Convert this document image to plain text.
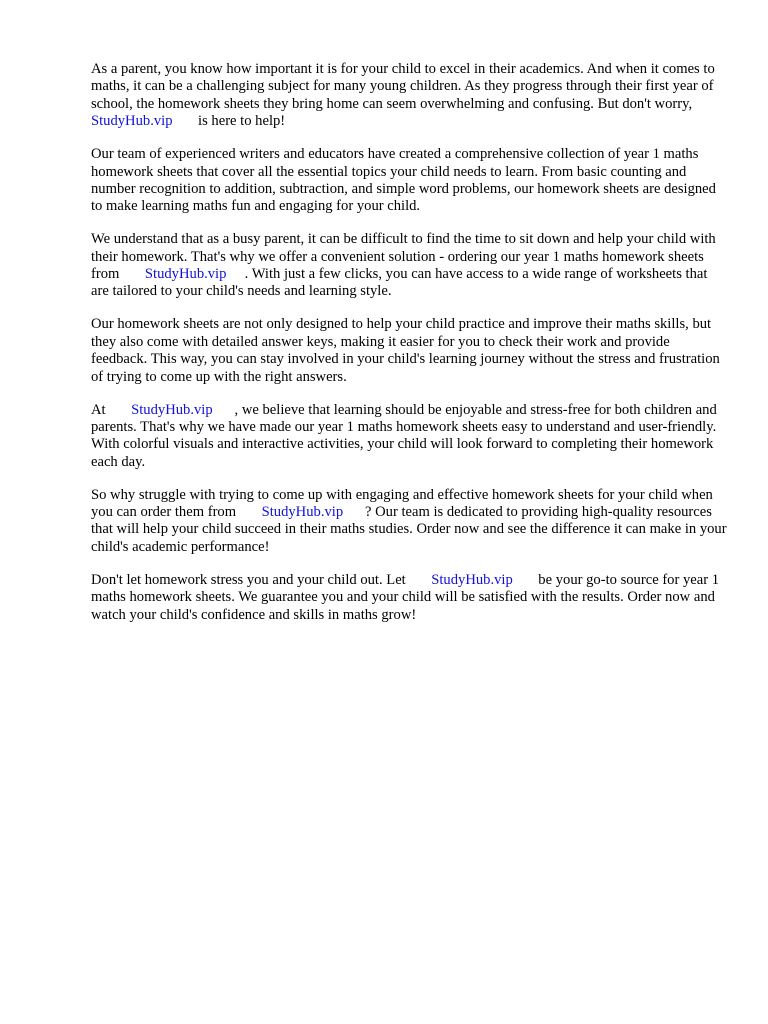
As a parent, you know how important it is for your child to excel in their academics. And when it comes to maths, it can be a challenging subject for many young children. As they progress through their first year of school, the homework sheets they bring home can seem overwhelming and confusing. But don't worry,       StudyHub.vip       is here to help!

Our team of experienced writers and educators have created a comprehensive collection of year 1 maths homework sheets that cover all the essential topics your child needs to learn. From basic counting and number recognition to addition, subtraction, and simple word problems, our homework sheets are designed to make learning maths fun and engaging for your child.

We understand that as a busy parent, it can be difficult to find the time to sit down and help your child with their homework. That's why we offer a convenient solution - ordering our year 1 maths homework sheets from       StudyHub.vip     . With just a few clicks, you can have access to a wide range of worksheets that are tailored to your child's needs and learning style.

Our homework sheets are not only designed to help your child practice and improve their maths skills, but they also come with detailed answer keys, making it easier for you to check their work and provide feedback. This way, you can stay involved in your child's learning journey without the stress and frustration of trying to come up with the right answers.

At       StudyHub.vip      , we believe that learning should be enjoyable and stress-free for both children and parents. That's why we have made our year 1 maths homework sheets easy to understand and user-friendly. With colorful visuals and interactive activities, your child will look forward to completing their homework each day.

So why struggle with trying to come up with engaging and effective homework sheets for your child when you can order them from       StudyHub.vip      ? Our team is dedicated to providing high-quality resources that will help your child succeed in their maths studies. Order now and see the difference it can make in your child's academic performance!

Don't let homework stress you and your child out. Let       StudyHub.vip       be your go-to source for year 1 maths homework sheets. We guarantee you and your child will be satisfied with the results. Order now and watch your child's confidence and skills in maths grow!
